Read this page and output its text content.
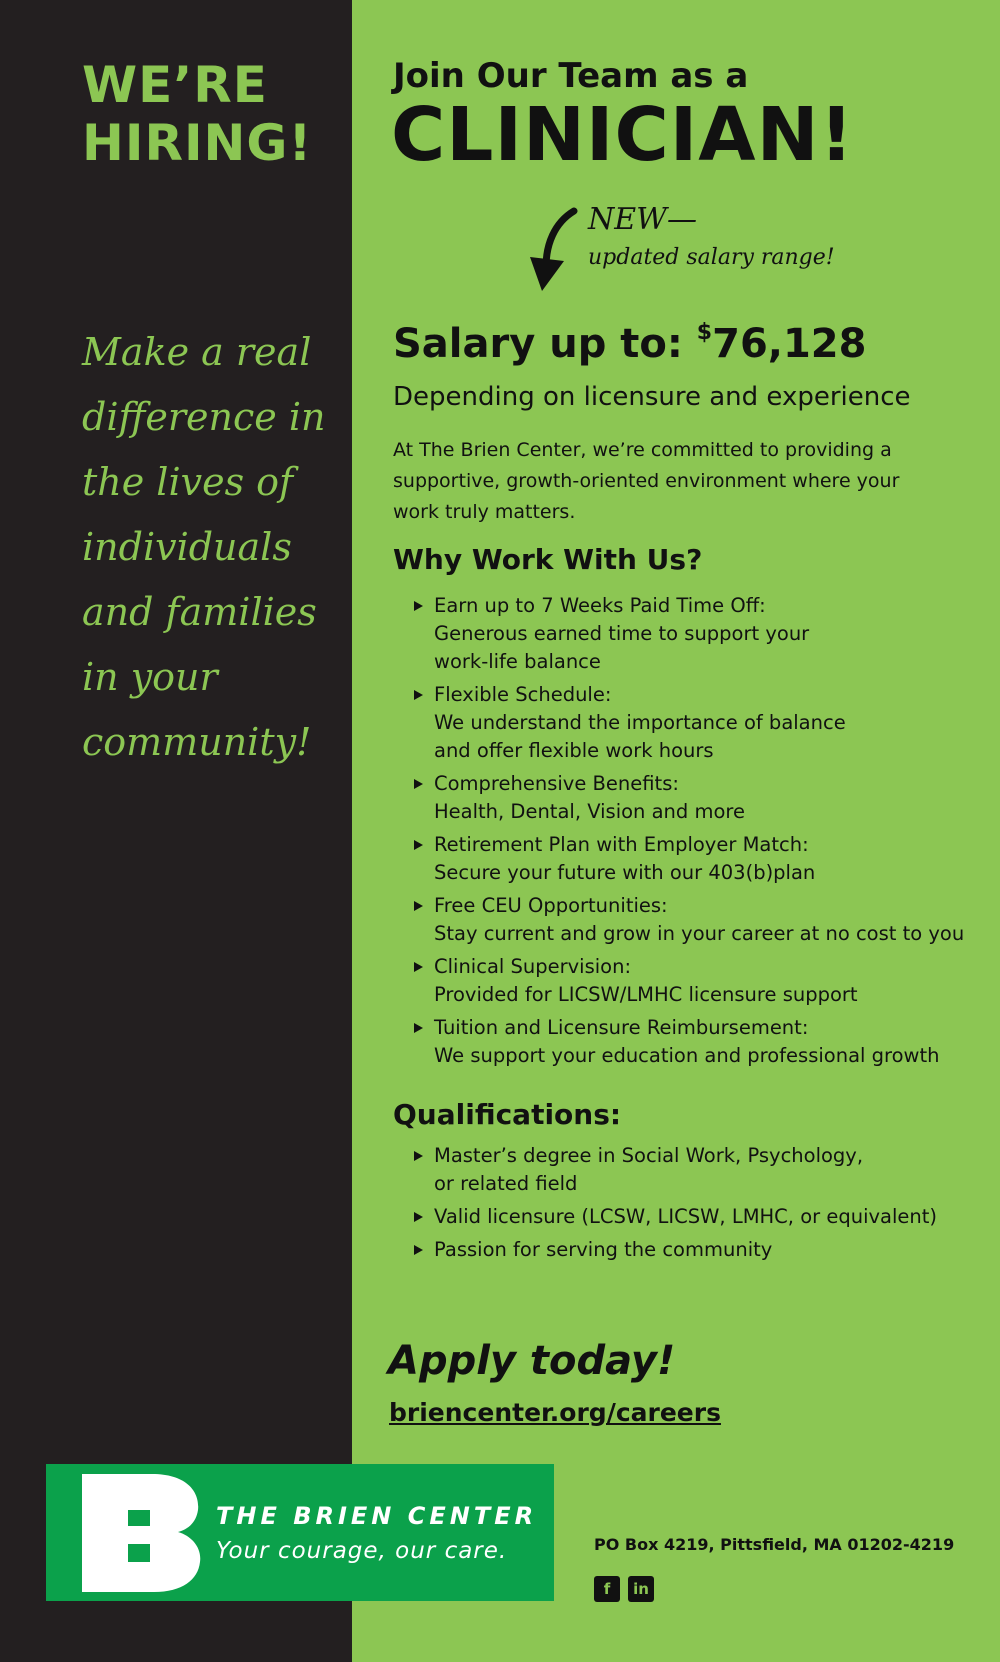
WE’RE
HIRING!
Make a real
difference in
the lives of
individuals
and families
in your
community!
Join Our Team as a
CLINICIAN!
NEW—
updated salary range!
Salary up to: $76,128
Depending on licensure and experience
At The Brien Center, we’re committed to providing a
supportive, growth-oriented environment where your
work truly matters.
Why Work With Us?
Earn up to 7 Weeks Paid Time Off:
Generous earned time to support your
work-life balance
Flexible Schedule:
We understand the importance of balance
and offer flexible work hours
Comprehensive Benefits:
Health, Dental, Vision and more
Retirement Plan with Employer Match:
Secure your future with our 403(b)plan
Free CEU Opportunities:
Stay current and grow in your career at no cost to you
Clinical Supervision:
Provided for LICSW/LMHC licensure support
Tuition and Licensure Reimbursement:
We support your education and professional growth
Qualifications:
Master’s degree in Social Work, Psychology,
or related field
Valid licensure (LCSW, LICSW, LMHC, or equivalent)
Passion for serving the community
Apply today!
briencenter.org/careers
THE BRIEN CENTER
Your courage, our care.	PO Box 4219, Pittsfield, MA 01202-4219
f	in
